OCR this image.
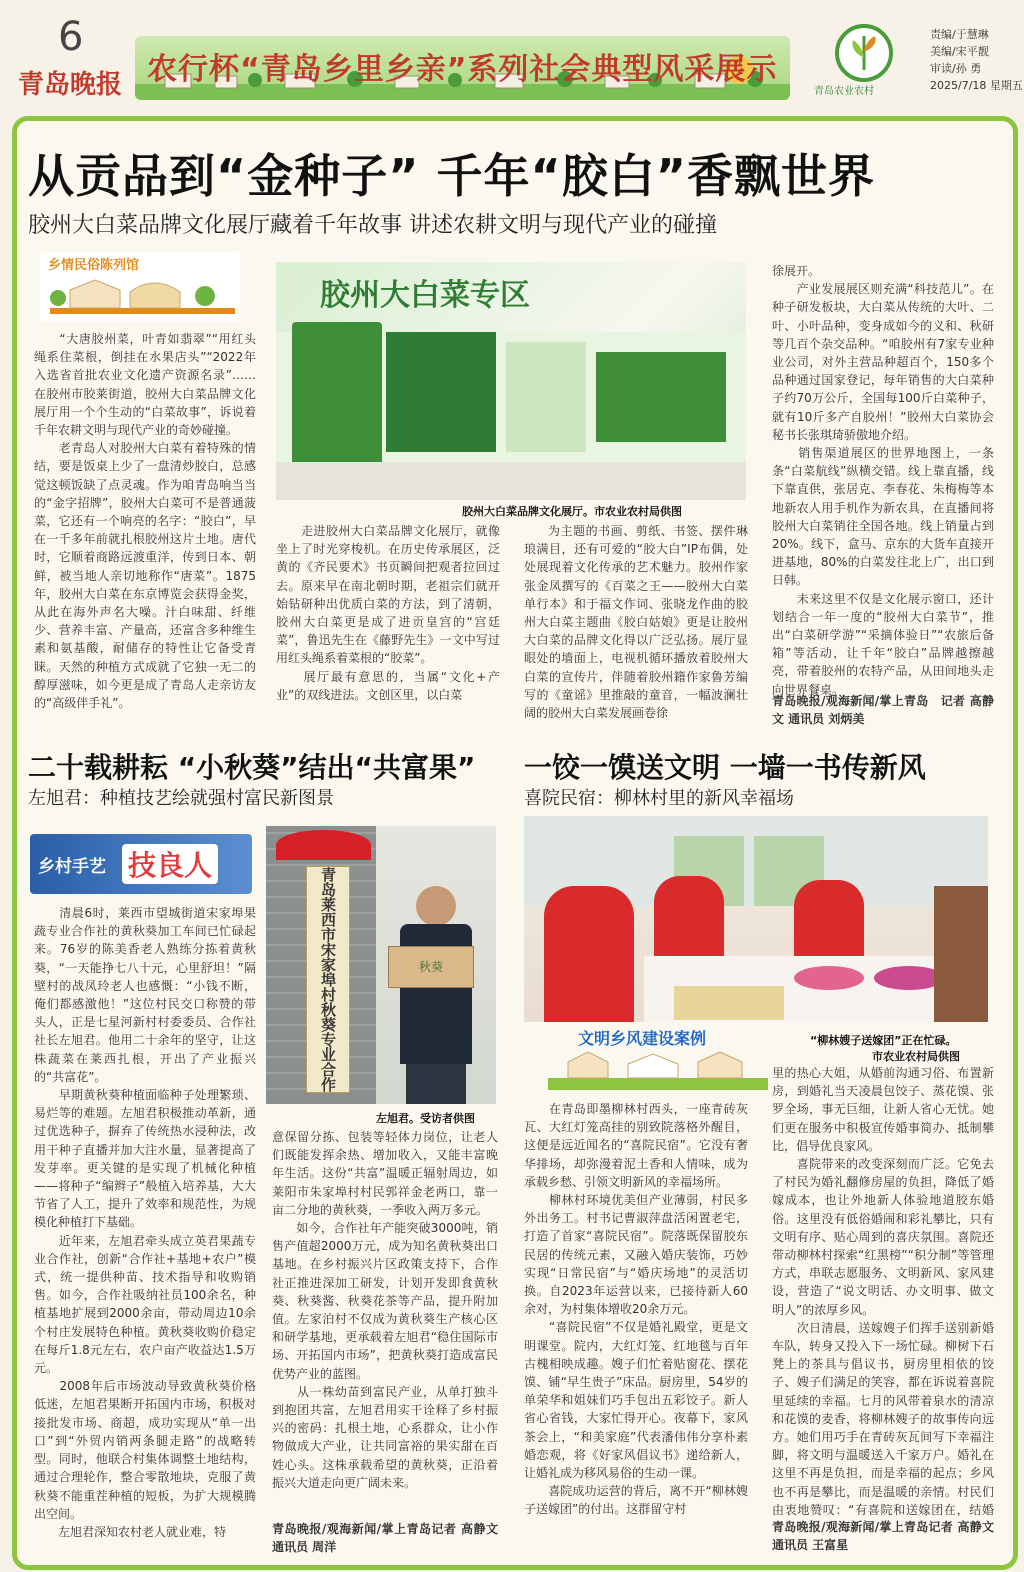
6
青岛晚报 农行杯“青岛乡里乡亲”系列社会典型风采展示
青岛农业农村
责编/于慧琳
美编/宋平靓
审读/孙 勇
2025/7/18 星期五
从贡品到“金种子” 千年“胶白”香飘世界
胶州大白菜品牌文化展厅藏着千年故事 讲述农耕文明与现代产业的碰撞
乡情民俗陈列馆

　　“大唐胶州菜，叶青如翡翠”“用红头绳系住菜根，倒挂在水果店头”“2022年入选省首批农业文化遗产资源名录”……在胶州市胶莱街道，胶州大白菜品牌文化展厅用一个个生动的“白菜故事”，诉说着千年农耕文明与现代产业的奇妙碰撞。
　　老青岛人对胶州大白菜有着特殊的情结，要是饭桌上少了一盘清炒胶白，总感觉这顿饭缺了点灵魂。作为咱青岛响当当的“金字招牌”，胶州大白菜可不是普通菠菜，它还有一个响亮的名字：“胶白”，早在一千多年前就扎根胶州这片土地。唐代时，它顺着商路远渡重洋，传到日本、朝鲜，被当地人亲切地称作“唐菜”。1875年，胶州大白菜在东京博览会获得金奖，从此在海外声名大噪。汁白味甜、纤维少、营养丰富、产量高，还富含多种维生素和氨基酸，耐储存的特性让它备受青睐。天然的种植方式成就了它独一无二的醇厚滋味，如今更是成了青岛人走亲访友的“高级伴手礼”。

胶州大白菜专区
胶州大白菜品牌文化展厅。市农业农村局供图

　　走进胶州大白菜品牌文化展厅，就像坐上了时光穿梭机。在历史传承展区，泛黄的《齐民要术》书页瞬间把观者拉回过去。原来早在南北朝时期，老祖宗们就开始钻研种出优质白菜的方法，到了清朝，胶州大白菜更是成了进贡皇宫的“宫廷菜”，鲁迅先生在《藤野先生》一文中写过用红头绳系着菜根的“胶菜”。
　　展厅最有意思的，当属“文化+产业”的双线进法。文创区里，以白菜

为主题的书画、剪纸、书签、摆件琳琅满目，还有可爱的“胶大白”IP布偶，处处展现着文化传承的艺术魅力。胶州作家张金凤撰写的《百菜之王——胶州大白菜单行本》和于福文作词、张晓龙作曲的胶州大白菜主题曲《胶白姑娘》更是让胶州大白菜的品牌文化得以广泛弘扬。展厅显眼处的墙面上，电视机循环播放着胶州大白菜的宣传片，伴随着胶州籍作家鲁芳编写的《童谣》里推敲的童音，一幅波澜壮阔的胶州大白菜发展画卷徐

徐展开。
　　产业发展展区则充满“科技范儿”。在种子研发板块，大白菜从传统的大叶、二叶、小叶品种，变身成如今的义和、秋研等几百个杂交品种。“咱胶州有7家专业种业公司，对外主营品种超百个，150多个品种通过国家登记，每年销售的大白菜种子约70万公斤，全国每100斤白菜种子，就有10斤多产自胶州！”胶州大白菜协会秘书长张琪琦骄傲地介绍。
　　销售渠道展区的世界地图上，一条条“白菜航线”纵横交错。线上靠直播，线下靠直供，张居克、李春花、朱梅梅等本地新农人用手机作为新农具，在直播间将胶州大白菜销往全国各地。线上销量占到20%。线下，盒马、京东的大货车直接开进基地，80%的白菜发往北上广，出口到日韩。
　　未来这里不仅是文化展示窗口，还计划结合一年一度的“胶州大白菜节”，推出“白菜研学游”“采摘体验日”“农旅后备箱”等活动，让千年“胶白”品牌越擦越亮，带着胶州的农特产品，从田间地头走向世界餐桌。

青岛晚报/观海新闻/掌上青岛　记者 高静文 通讯员 刘炳美
二十载耕耘 “小秋葵”结出“共富果”
左旭君：种植技艺绘就强村富民新图景
乡村手艺 技良人

　　清晨6时，莱西市望城街道宋家埠果蔬专业合作社的黄秋葵加工车间已忙碌起来。76岁的陈美香老人熟练分拣着黄秋葵，“一天能挣七八十元，心里舒坦！”隔壁村的战凤玲老人也感慨：“小钱不断，俺们都感激他！”这位村民交口称赞的带头人，正是七星河新村村委委员、合作社社长左旭君。他用二十余年的坚守，让这株蔬菜在莱西扎根，开出了产业振兴的“共富花”。
　　早期黄秋葵种植面临种子处理繁琐、易烂等的难题。左旭君积极推动革新，通过优选种子，摒弃了传统热水浸种法，改用干种子直播并加大注水量，显著提高了发芽率。更关键的是实现了机械化种植——将种子“编辫子”般植入培养基，大大节省了人工，提升了效率和规范性，为规模化种植打下基础。
　　近年来，左旭君牵头成立英君果蔬专业合作社，创新“合作社+基地+农户”模式，统一提供种苗、技术指导和收购销售。如今，合作社吸纳社员100余名，种植基地扩展到2000余亩，带动周边10余个村庄发展特色种植。黄秋葵收购价稳定在每斤1.8元左右，农户亩产收益达1.5万元。
　　2008年后市场波动导致黄秋葵价格低迷，左旭君果断开拓国内市场，积极对接批发市场、商超，成功实现从“单一出口”到“外贸内销两条腿走路”的战略转型。同时，他联合村集体调整土地结构，通过合理轮作，整合零散地块，克服了黄秋葵不能重茬种植的短板，为扩大规模腾出空间。
　　左旭君深知农村老人就业难，特

青岛莱西市宋家埠村秋葵专业合作
秋葵
左旭君。受访者供图

意保留分拣、包装等轻体力岗位，让老人们既能发挥余热、增加收入，又能丰富晚年生活。这份“共富”温暖正辐射周边，如莱阳市朱家埠村村民郭祥金老两口，靠一亩二分地的黄秋葵，一季收入两万多元。
　　如今，合作社年产能突破3000吨，销售产值超2000万元，成为知名黄秋葵出口基地。在乡村振兴片区政策支持下，合作社正推进深加工研发，计划开发即食黄秋葵、秋葵酱、秋葵花茶等产品，提升附加值。左家泊村不仅成为黄秋葵生产核心区和研学基地，更承载着左旭君“稳住国际市场、开拓国内市场”，把黄秋葵打造成富民优势产业的蓝图。
　　从一株幼苗到富民产业，从单打独斗到抱团共富，左旭君用实干诠释了乡村振兴的密码：扎根土地，心系群众，让小作物做成大产业，让共同富裕的果实甜在百姓心头。这株承载希望的黄秋葵，正沿着振兴大道走向更广阔未来。

青岛晚报/观海新闻/掌上青岛记者 高静文 通讯员 周洋
一饺一馍送文明 一墙一书传新风
喜院民宿：柳林村里的新风幸福场
文明乡风建设案例	“柳林嫂子送嫁团”正在忙碌。
市农业农村局供图

　　在青岛即墨柳林村西头，一座青砖灰瓦、大红灯笼高挂的别致院落格外醒目，这便是远近闻名的“喜院民宿”。它没有奢华排场，却弥漫着泥土香和人情味，成为承载乡愁、引领文明新风的幸福场所。
　　柳林村环境优美但产业薄弱，村民多外出务工。村书记曹淑萍盘活闲置老宅，打造了首家“喜院民宿”。院落既保留胶东民居的传统元素，又融入婚庆装饰，巧妙实现“日常民宿”与“婚庆场地”的灵活切换。自2023年运营以来，已接待新人60余对，为村集体增收20余万元。
　　“喜院民宿”不仅是婚礼殿堂，更是文明课堂。院内，大红灯笼、红地毯与百年古槐相映成趣。嫂子们忙着贴窗花、摆花馍、铺“早生贵子”床品。厨房里，54岁的单荣华和姐妹们巧手包出五彩饺子。新人省心省钱，大家忙得开心。夜幕下，家风茶会上，“和美家庭”代表潘伟伟分享朴素婚恋观，将《好家风倡议书》递给新人，让婚礼成为移风易俗的生动一课。
　　喜院成功运营的背后，离不开“柳林嫂子送嫁团”的付出。这群留守村

里的热心大姐，从婚前沟通习俗、布置新房，到婚礼当天凌晨包饺子、蒸花馍、张罗全场，事无巨细，让新人省心无忧。她们更在服务中积极宣传婚事简办、抵制攀比，倡导优良家风。
　　喜院带来的改变深刻而广泛。它免去了村民为婚礼翻修房屋的负担，降低了婚嫁成本，也让外地新人体验地道胶东婚俗。这里没有低俗婚闹和彩礼攀比，只有文明有序、贴心周到的喜庆氛围。喜院还带动柳林村探索“红黑榜”“积分制”等管理方式，串联志愿服务、文明新风、家风建设，营造了“说文明话、办文明事、做文明人”的浓厚乡风。
　　次日清晨，送嫁嫂子们挥手送别新婚车队，转身又投入下一场忙碌。柳树下石凳上的茶具与倡议书，厨房里相依的饺子、嫂子们满足的笑容，都在诉说着喜院里延续的幸福。七月的风带着泉水的清凉和花馍的麦香，将柳林嫂子的故事传向远方。她们用巧手在青砖灰瓦间写下幸福注脚，将文明与温暖送入千家万户。婚礼在这里不再是负担，而是幸福的起点；乡风也不再是攀比，而是温暖的亲情。村民们由衷地赞叹：“有喜院和送嫁团在，结婚

青岛晚报/观海新闻/掌上青岛记者 高静文 通讯员 王富星
